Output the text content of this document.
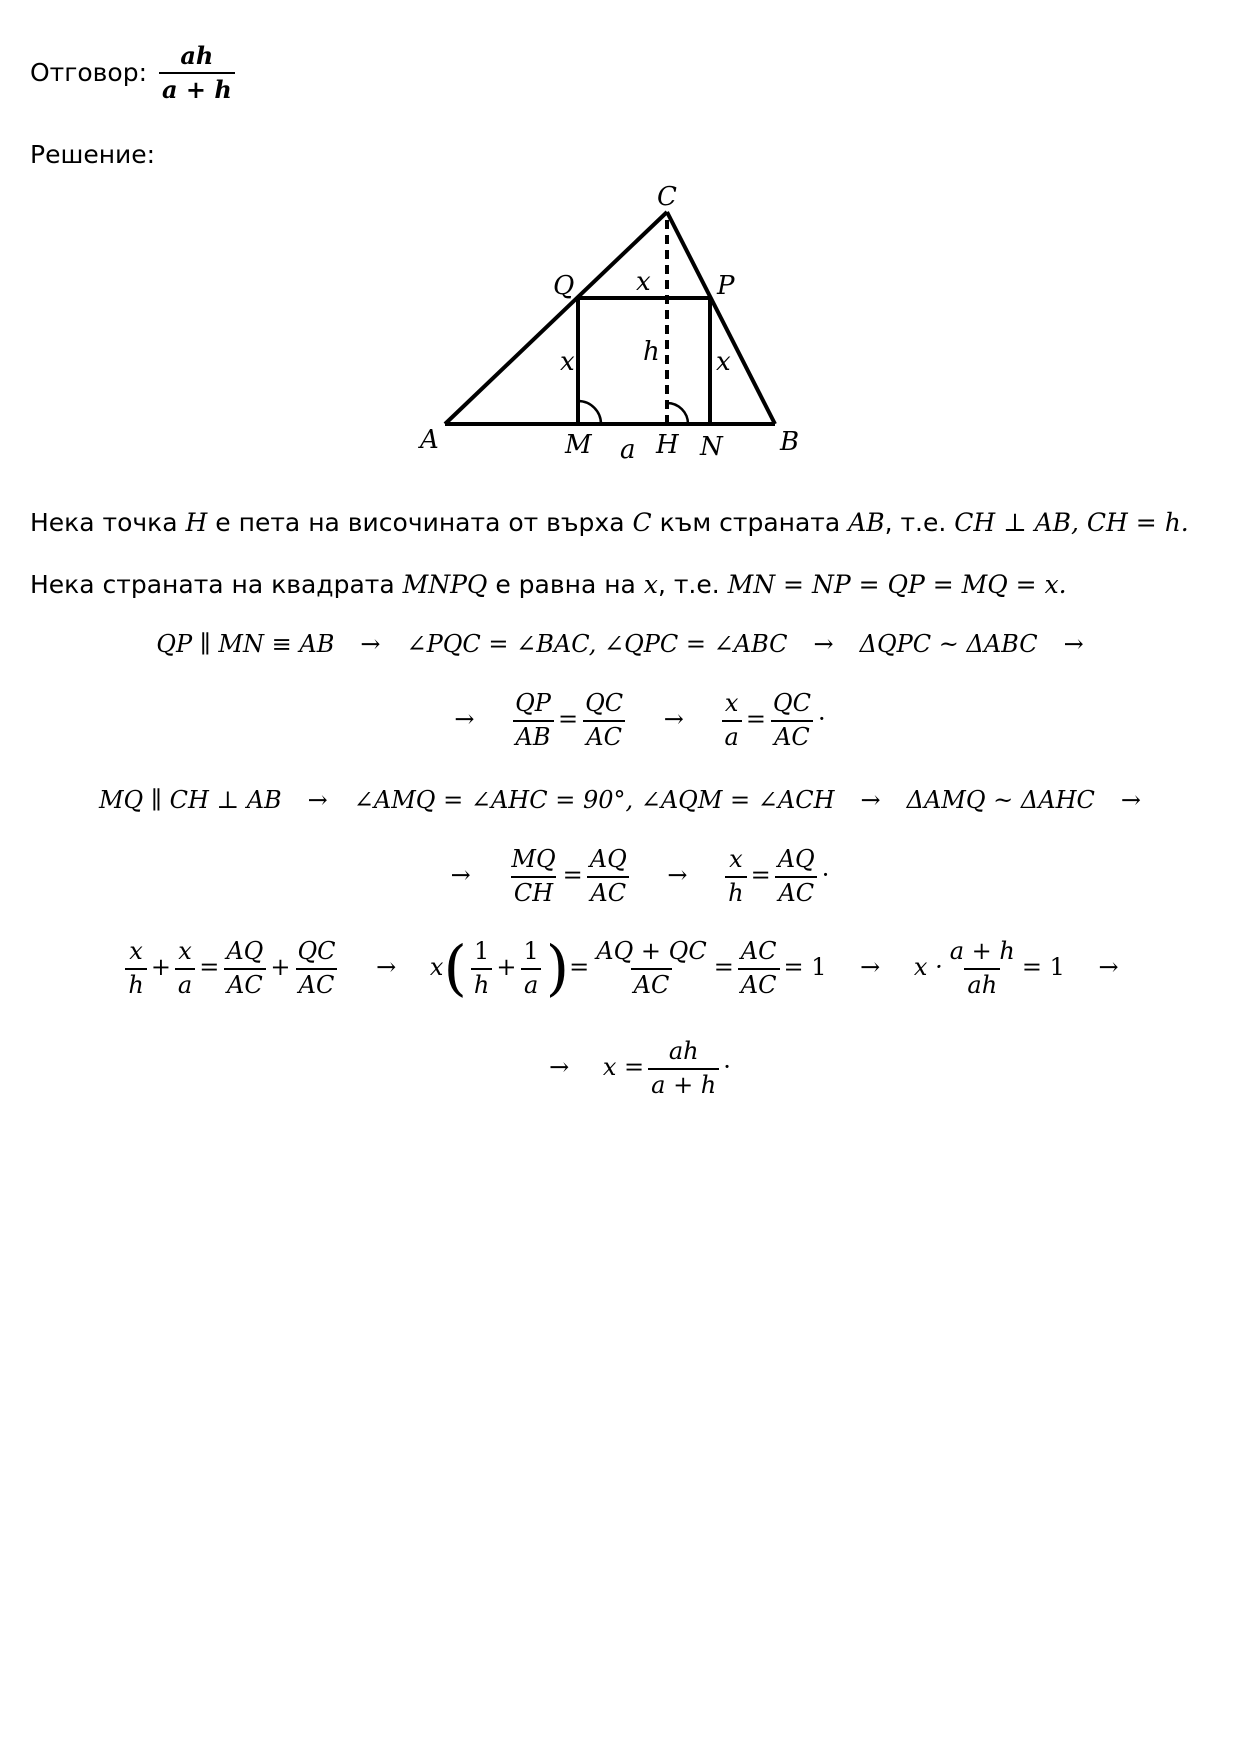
Отговор: $\frac{ah}{a + h}$
Решение:
C
Q	P
x
h
x	x
A	M a H N B
Нека точка H е пета на височината от върха C към страната AB, т.е. CH ⊥ AB, CH = h.
Нека страната на квадрата MNPQ е равна на x, т.е. MN = NP = QP = MQ = x.
QP ∥ MN ≡ AB → ∠PQC = ∠BAC, ∠QPC = ∠ABC → ΔQPC ~ ΔABC →
→ $\frac{QP}{AB} = \frac{QC}{AC} \to \frac{x}{a} = \frac{QC}{AC}$ ·
MQ ∥ CH ⊥ AB → ∠AMQ = ∠AHC = 90°, ∠AQM = ∠ACH → ΔAMQ ~ ΔAHC →
→ $\frac{MQ}{CH} = \frac{AQ}{AC} \to \frac{x}{h} = \frac{AQ}{AC}$ ·
$\frac{x}{h} + \frac{x}{a} = \frac{AQ}{AC} + \frac{QC}{AC} \to x( \frac{1}{h} + \frac{1}{a}$ )= $\frac{AQ + QC}{AC} = \frac{AC}{AC} = 1 \to x \cdot \frac{a + h}{ah} = 1$ →
→ $x = \frac{ah}{a + h}$ ·
